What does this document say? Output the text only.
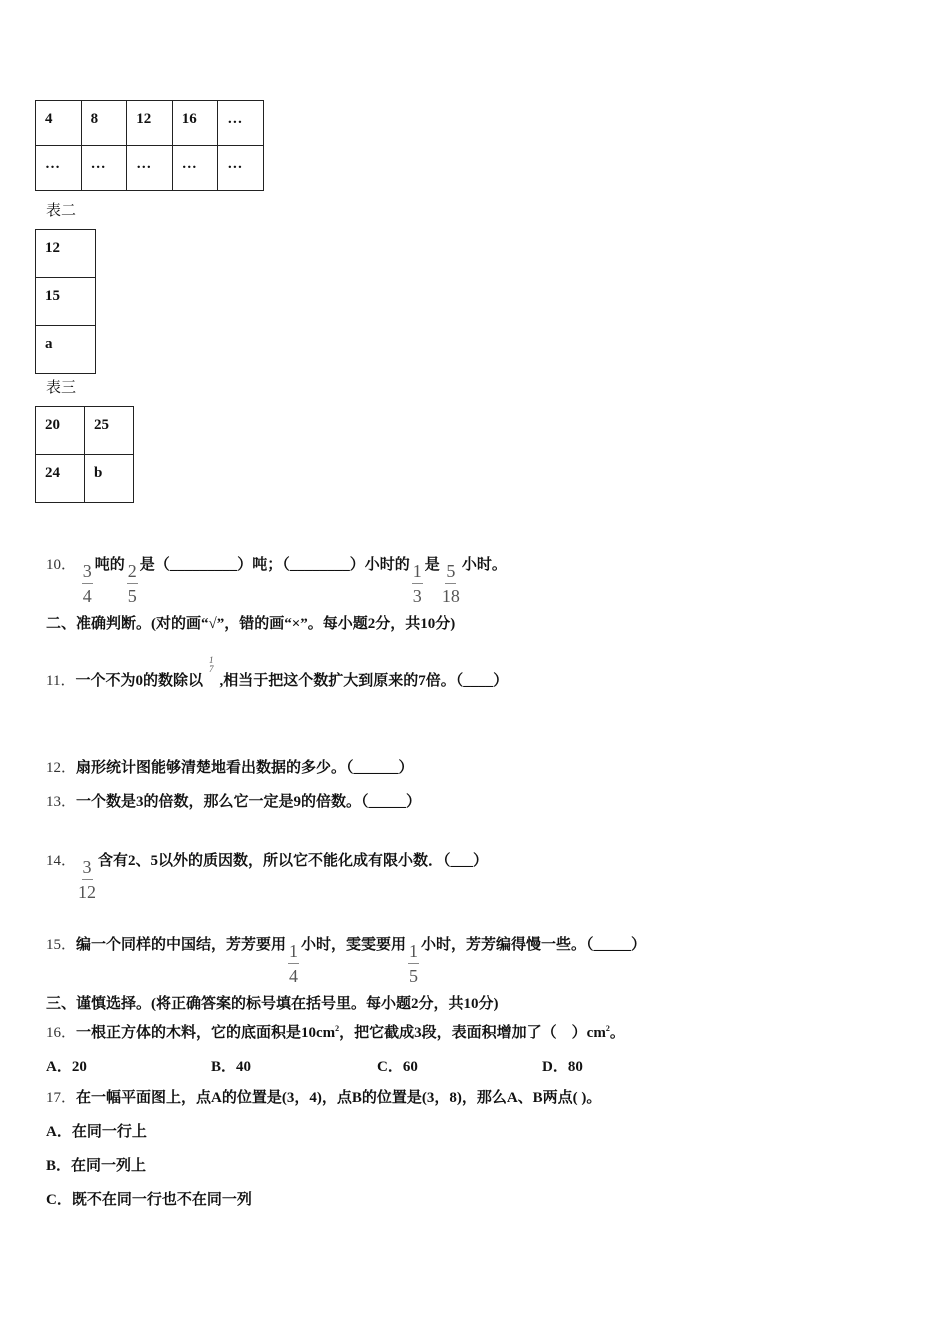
4	8	12	16	…
…	…	…	…	…
表二
12
15
a
表三
20	25
24	b
10． $\frac{3}{4}$ 吨的 $\frac{2}{5}$ 是（_________）吨；（________）小时的 $\frac{1}{3}$ 是 $\frac{5}{18}$ 小时。
二、准确判断。(对的画“√”，错的画“×”。每小题2分，共10分)
11．一个不为0的数除以
1
7
,相当于把这个数扩大到原来的7倍。（____）
12．扇形统计图能够清楚地看出数据的多少。（______）
13．一个数是3的倍数，那么它一定是9的倍数。（_____）
14． $\frac{3}{12}$ 含有2、5以外的质因数，所以它不能化成有限小数．（___）
15．编一个同样的中国结，芳芳要用 $\frac{1}{4}$ 小时，雯雯要用 $\frac{1}{5}$ 小时，芳芳编得慢一些。（_____）
三、谨慎选择。(将正确答案的标号填在括号里。每小题2分，共10分)
16．一根正方体的木料，它的底面积是$10cm^2$，把它截成3段，表面积增加了（　）$cm^2$。
A．20	B．40	C．60	D．80
17．在一幅平面图上，点A的位置是(3，4)，点B的位置是(3，8)，那么A、B两点( )。
A．在同一行上
B．在同一列上
C．既不在同一行也不在同一列
